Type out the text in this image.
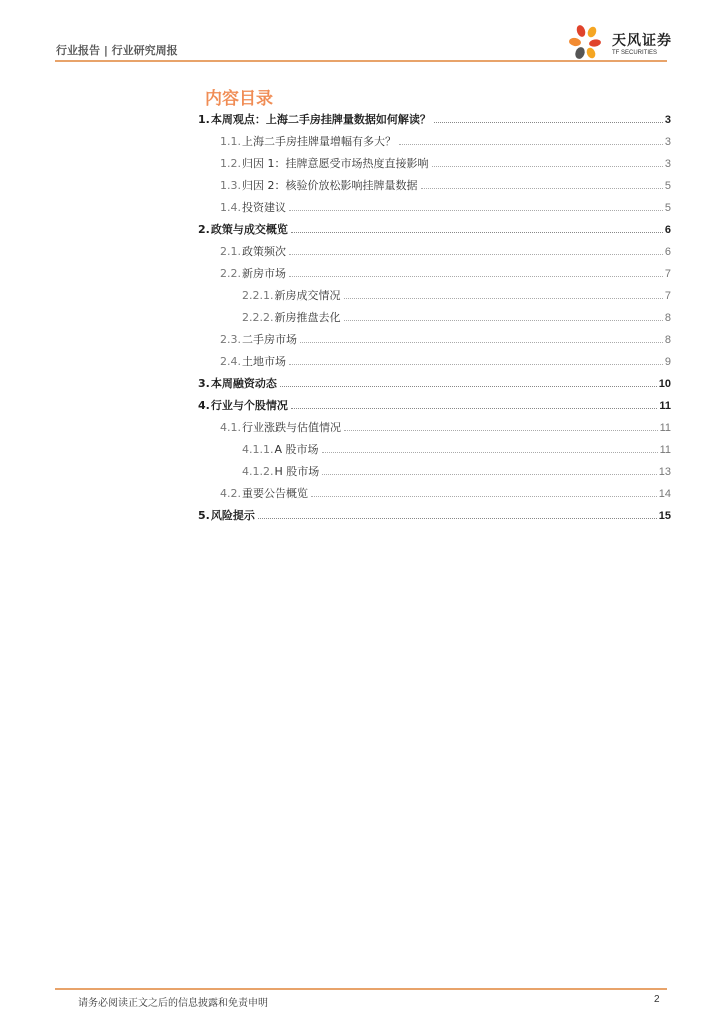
行业报告 | 行业研究周报
天风证券
TF SECURITIES
内容目录
1. 本周观点：上海二手房挂牌量数据如何解读？	3
1.1. 上海二手房挂牌量增幅有多大？	3
1.2. 归因 1：挂牌意愿受市场热度直接影响	3
1.3. 归因 2：核验价放松影响挂牌量数据	5
1.4. 投资建议	5
2. 政策与成交概览	6
2.1. 政策频次	6
2.2. 新房市场	7
2.2.1. 新房成交情况	7
2.2.2. 新房推盘去化	8
2.3. 二手房市场	8
2.4. 土地市场	9
3. 本周融资动态	10
4. 行业与个股情况	11
4.1. 行业涨跌与估值情况	11
4.1.1. A 股市场	11
4.1.2. H 股市场	13
4.2. 重要公告概览	14
5. 风险提示	15
请务必阅读正文之后的信息披露和免责申明	2
